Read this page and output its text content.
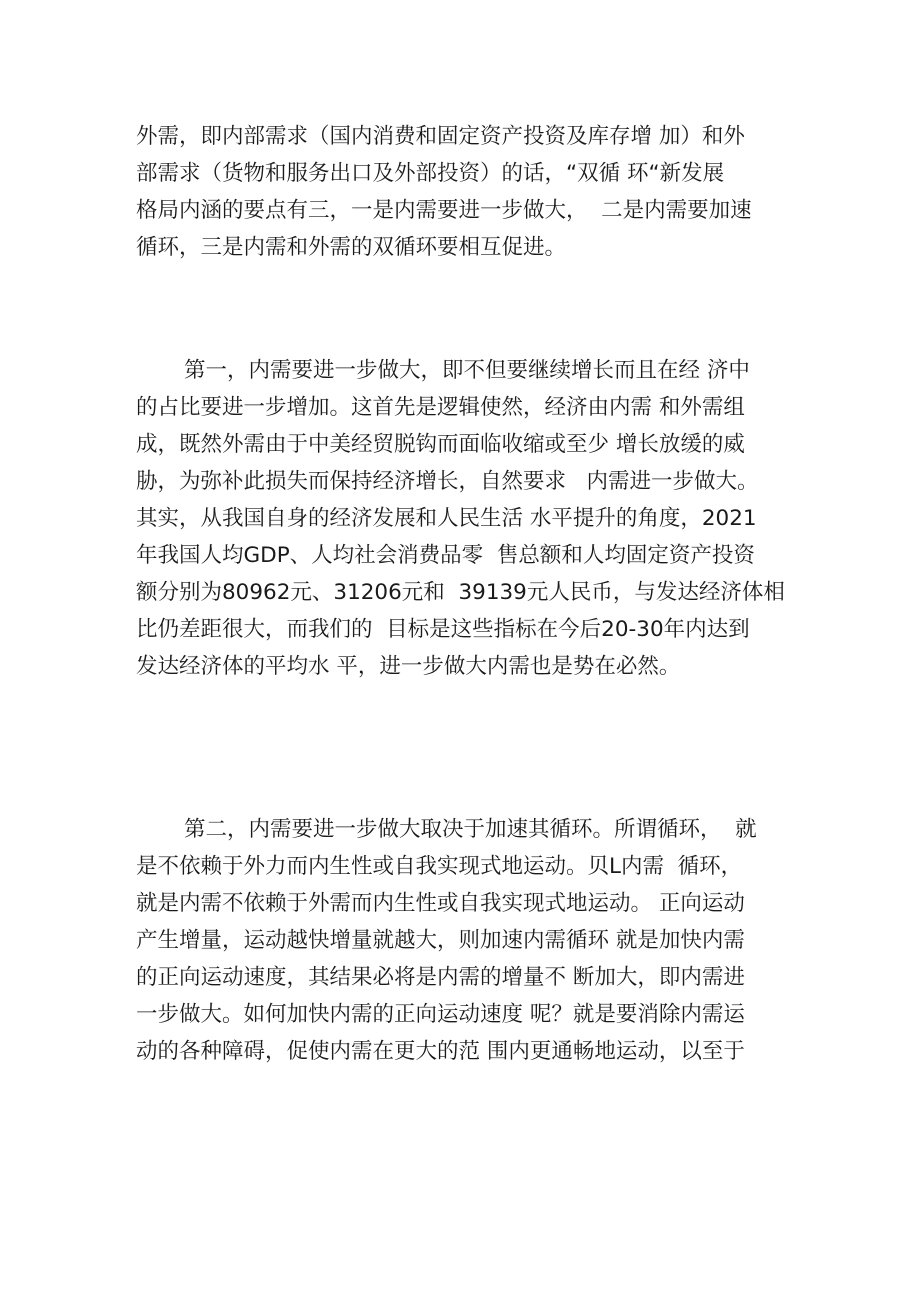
外需，即内部需求（国内消费和固定资产投资及库存增 加）和外
部需求（货物和服务出口及外部投资）的话，“双循 环“新发展
格局内涵的要点有三，一是内需要进一步做大，  二是内需要加速
循环，三是内需和外需的双循环要相互促进。
第一，内需要进一步做大，即不但要继续增长而且在经 济中
的占比要进一步增加。这首先是逻辑使然，经济由内需 和外需组
成，既然外需由于中美经贸脱钩而面临收缩或至少 增长放缓的威
胁，为弥补此损失而保持经济增长，自然要求   内需进一步做大。
其实，从我国自身的经济发展和人民生活 水平提升的角度，2021
年我国人均GDP、人均社会消费品零  售总额和人均固定资产投资
额分别为80962元、31206元和  39139元人民币，与发达经济体相
比仍差距很大，而我们的  目标是这些指标在今后20-30年内达到
发达经济体的平均水 平，进一步做大内需也是势在必然。
第二，内需要进一步做大取决于加速其循环。所谓循环，  就
是不依赖于外力而内生性或自我实现式地运动。贝L内需  循环，
就是内需不依赖于外需而内生性或自我实现式地运动。 正向运动
产生增量，运动越快增量就越大，则加速内需循环 就是加快内需
的正向运动速度，其结果必将是内需的增量不 断加大，即内需进
一步做大。如何加快内需的正向运动速度 呢？就是要消除内需运
动的各种障碍，促使内需在更大的范 围内更通畅地运动，以至于
